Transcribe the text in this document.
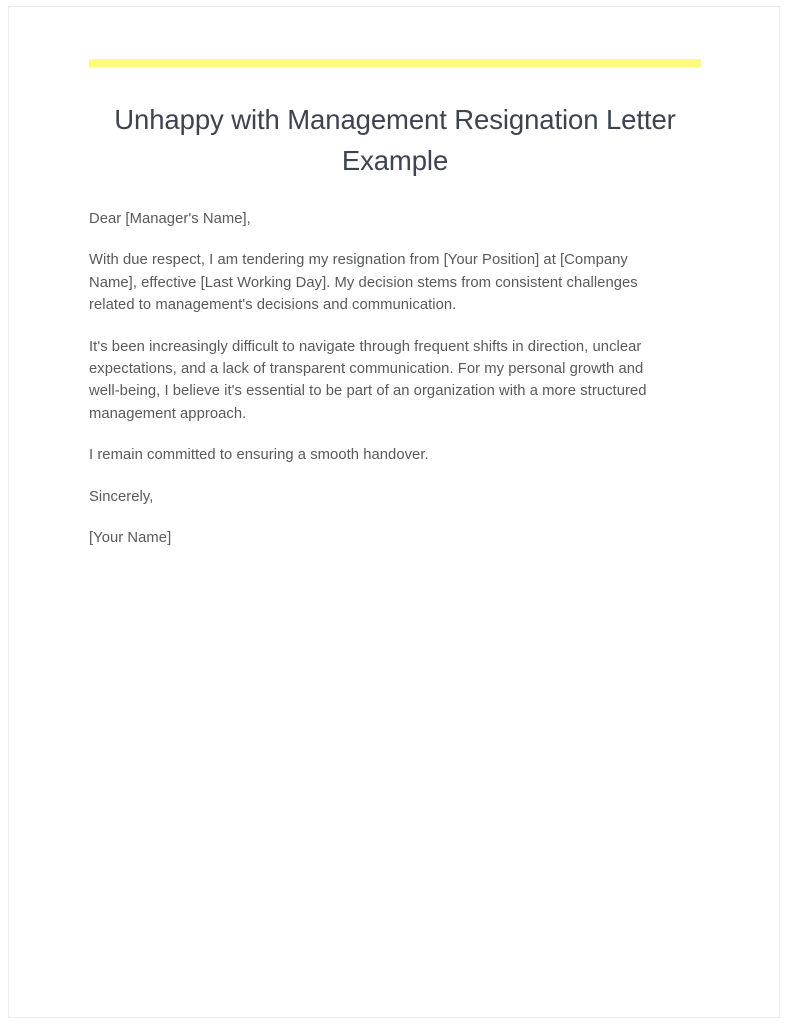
Unhappy with Management Resignation Letter Example

Dear [Manager's Name],

With due respect, I am tendering my resignation from [Your Position] at [Company Name], effective [Last Working Day]. My decision stems from consistent challenges related to management's decisions and communication.

It's been increasingly difficult to navigate through frequent shifts in direction, unclear expectations, and a lack of transparent communication. For my personal growth and well-being, I believe it's essential to be part of an organization with a more structured management approach.

I remain committed to ensuring a smooth handover.

Sincerely,

[Your Name]
